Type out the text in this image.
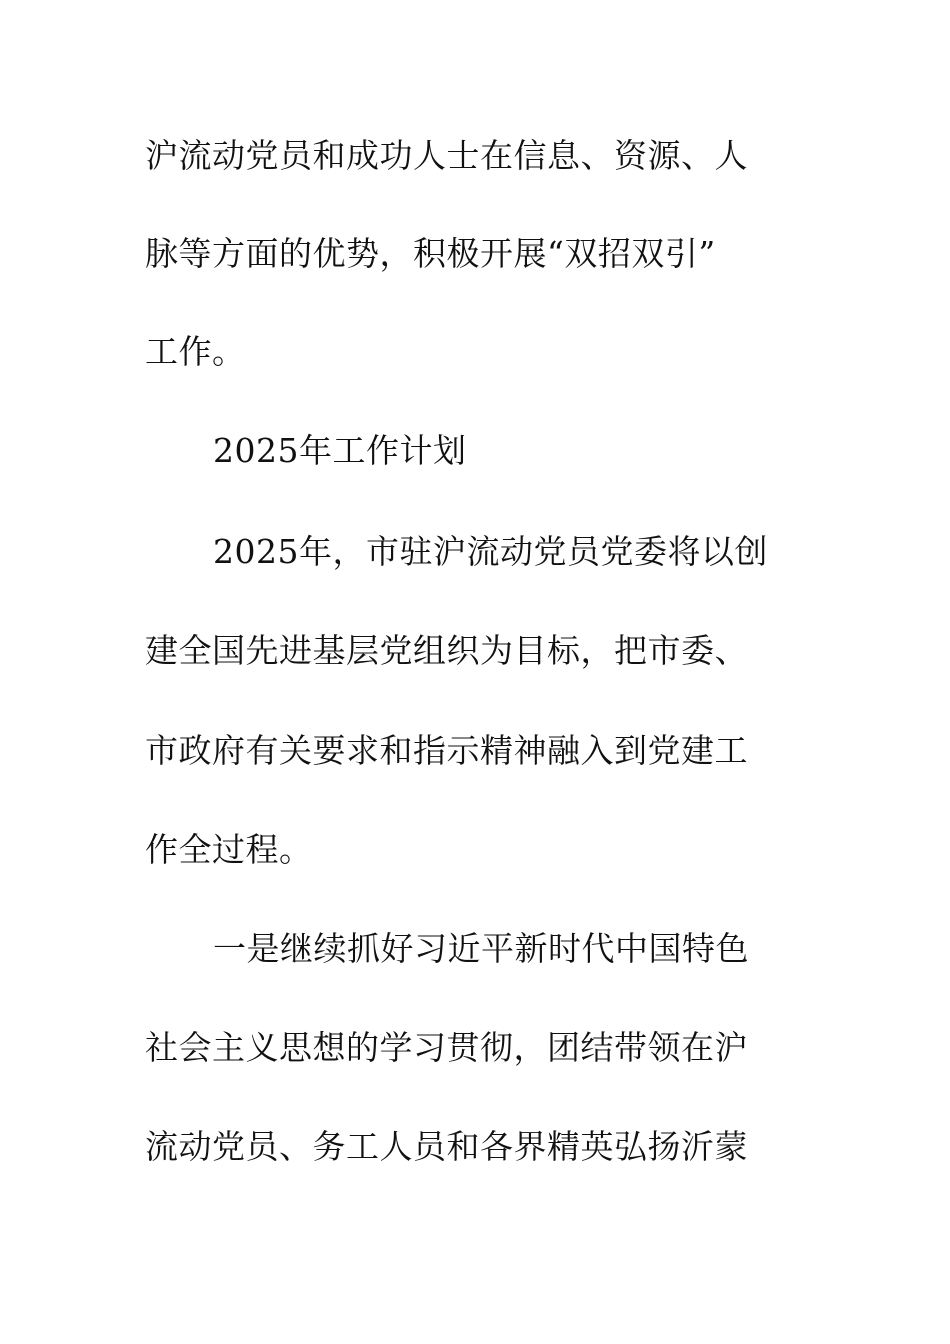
沪流动党员和成功人士在信息、资源、人
脉等方面的优势，积极开展“双招双引”
工作。
2025年工作计划
2025年，市驻沪流动党员党委将以创
建全国先进基层党组织为目标，把市委、
市政府有关要求和指示精神融入到党建工
作全过程。
一是继续抓好习近平新时代中国特色
社会主义思想的学习贯彻，团结带领在沪
流动党员、务工人员和各界精英弘扬沂蒙
